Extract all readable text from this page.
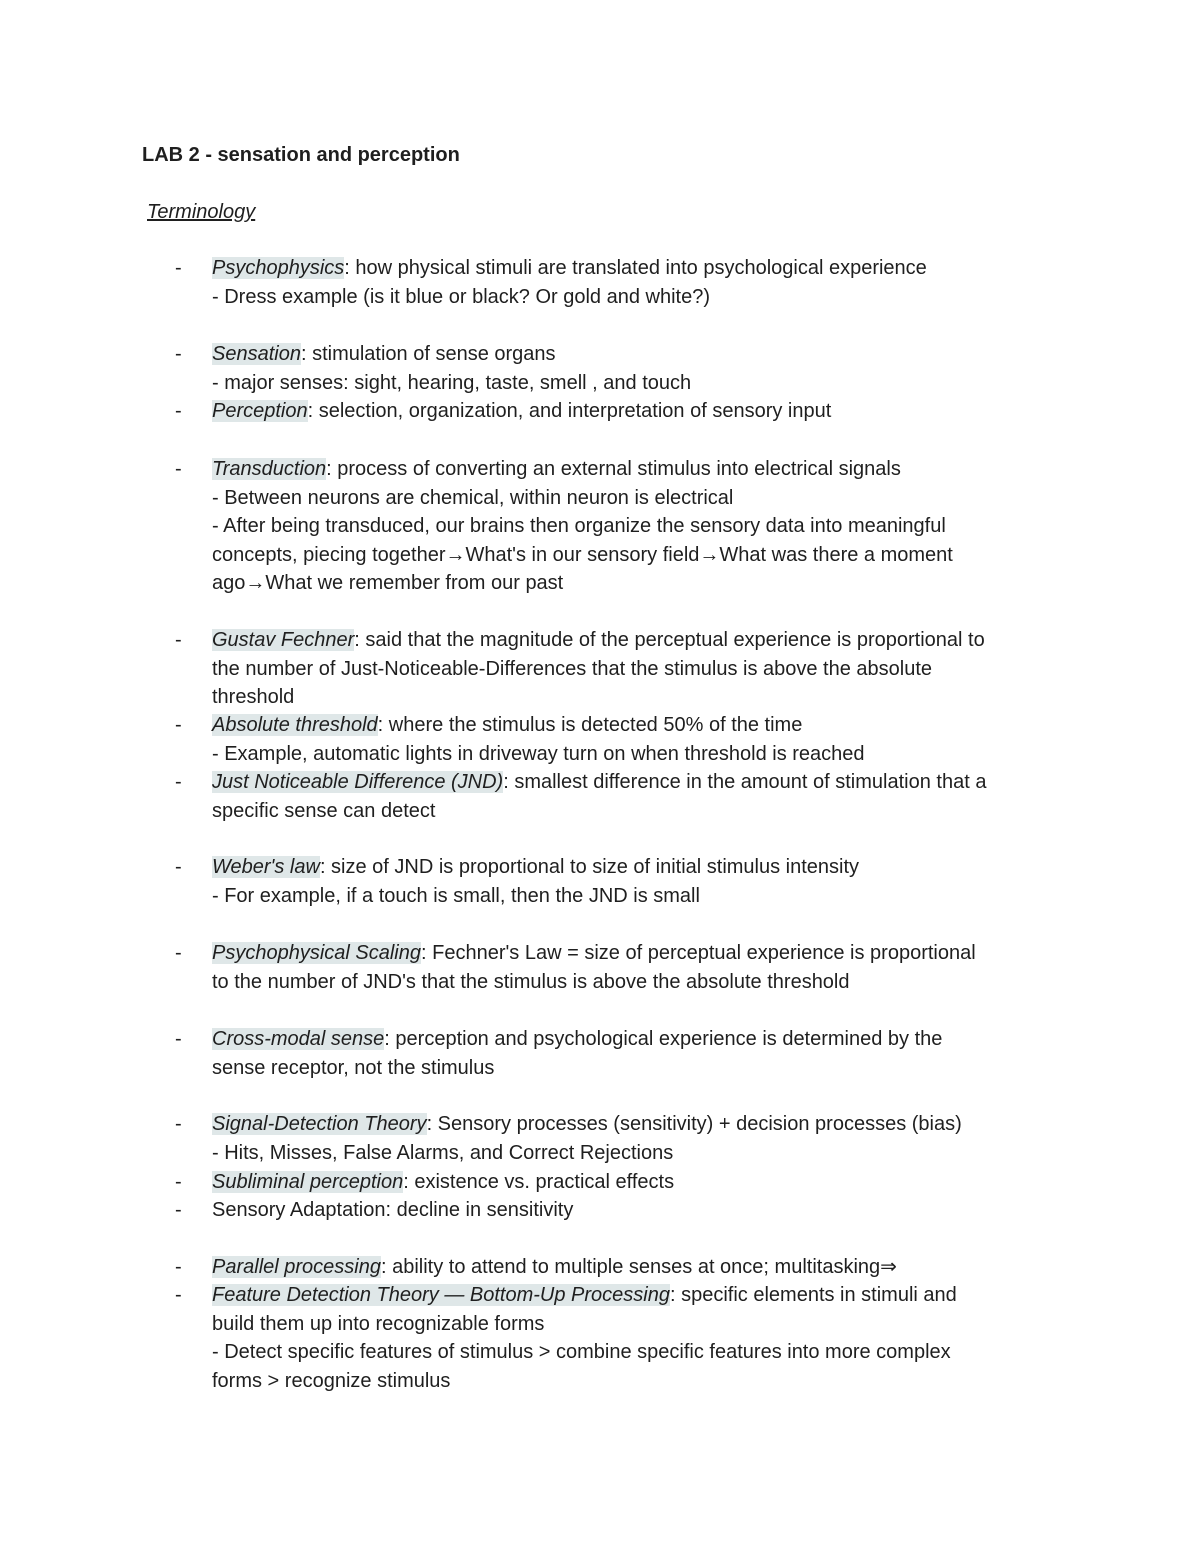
LAB 2 - sensation and perception
Terminology
- Psychophysics: how physical stimuli are translated into psychological experience
- Dress example (is it blue or black? Or gold and white?)
- Sensation: stimulation of sense organs
- major senses: sight, hearing, taste, smell , and touch
- Perception: selection, organization, and interpretation of sensory input
- Transduction: process of converting an external stimulus into electrical signals
- Between neurons are chemical, within neuron is electrical
- After being transduced, our brains then organize the sensory data into meaningful
concepts, piecing together→What's in our sensory field→What was there a moment
ago→What we remember from our past
- Gustav Fechner: said that the magnitude of the perceptual experience is proportional to
the number of Just-Noticeable-Differences that the stimulus is above the absolute
threshold
- Absolute threshold: where the stimulus is detected 50% of the time
- Example, automatic lights in driveway turn on when threshold is reached
- Just Noticeable Difference (JND): smallest difference in the amount of stimulation that a
specific sense can detect
- Weber's law: size of JND is proportional to size of initial stimulus intensity
- For example, if a touch is small, then the JND is small
- Psychophysical Scaling: Fechner's Law = size of perceptual experience is proportional
to the number of JND's that the stimulus is above the absolute threshold
- Cross-modal sense: perception and psychological experience is determined by the
sense receptor, not the stimulus
- Signal-Detection Theory: Sensory processes (sensitivity) + decision processes (bias)
- Hits, Misses, False Alarms, and Correct Rejections
- Subliminal perception: existence vs. practical effects
- Sensory Adaptation: decline in sensitivity
- Parallel processing: ability to attend to multiple senses at once; multitasking⇒
- Feature Detection Theory — Bottom-Up Processing: specific elements in stimuli and
build them up into recognizable forms
- Detect specific features of stimulus > combine specific features into more complex
forms > recognize stimulus
